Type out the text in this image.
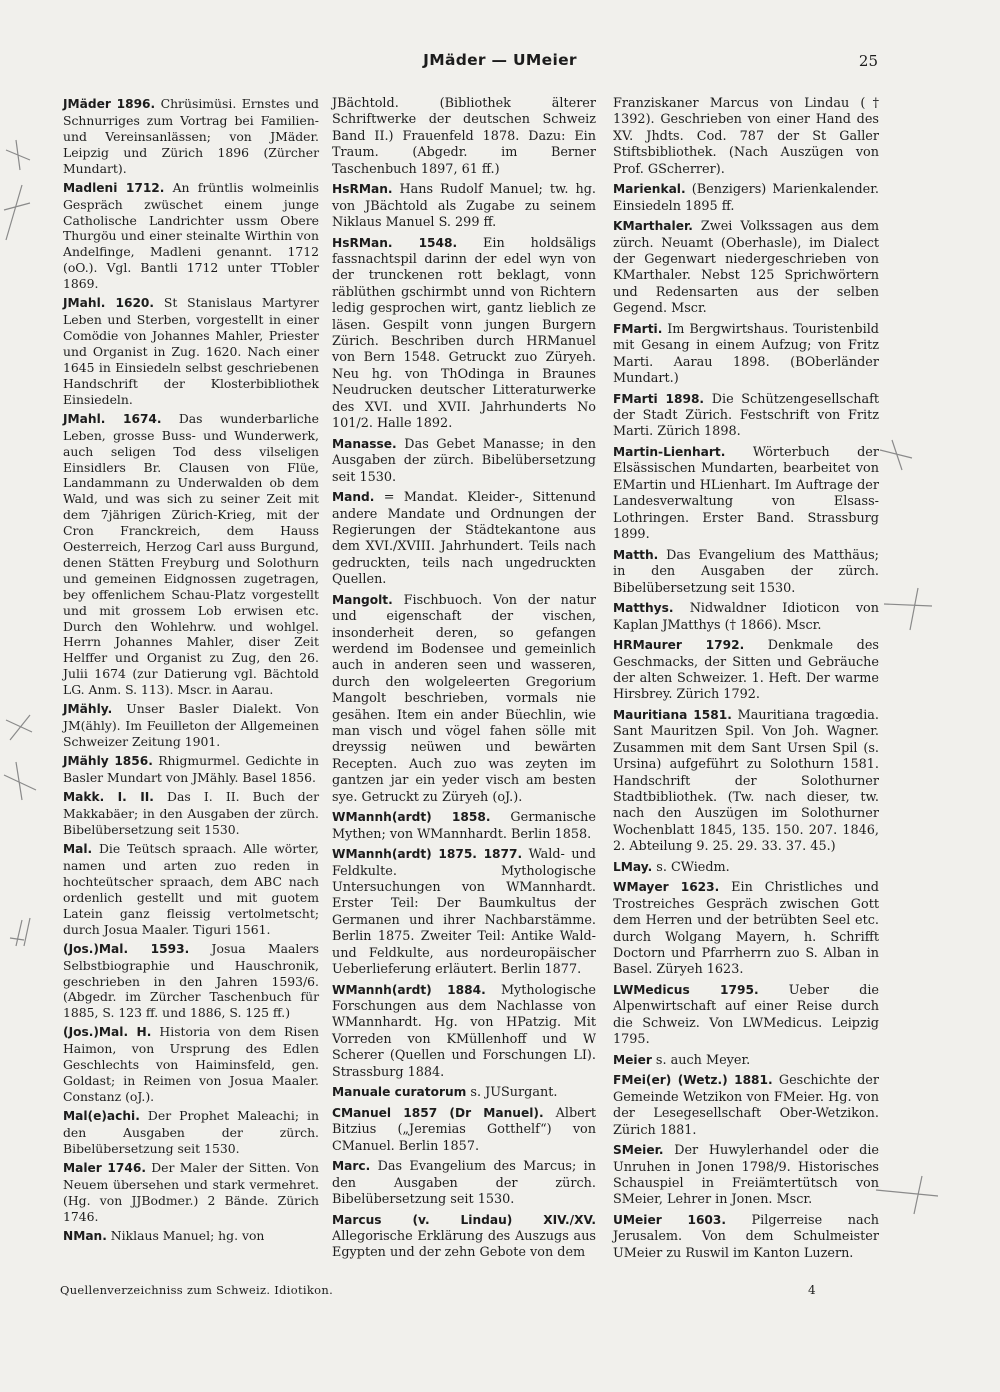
JMäder — UMeier	25
JMäder 1896. Chrüsimüsi. Ernstes und Schnurriges zum Vortrag bei Familien- und Vereinsanlässen; von JMäder. Leipzig und Zürich 1896 (Zürcher Mundart).
Madleni 1712. An früntlis wolmeinlis Gespräch zwüschet einem junge Catholische Landrichter ussm Obere Thurgöu und einer steinalte Wirthin von Andelfinge, Madleni genannt. 1712 (oO.). Vgl. Bantli 1712 unter TTobler 1869.
JMahl. 1620. St Stanislaus Martyrer Leben und Sterben, vorgestellt in einer Comödie von Johannes Mahler, Priester und Organist in Zug. 1620. Nach einer 1645 in Einsiedeln selbst geschriebenen Handschrift der Klosterbibliothek Einsiedeln.
JMahl. 1674. Das wunderbarliche Leben, grosse Buss- und Wunderwerk, auch seligen Tod dess vilseligen Einsidlers Br. Clausen von Flüe, Landammann zu Underwalden ob dem Wald, und was sich zu seiner Zeit mit dem 7jährigen Zürich-Krieg, mit der Cron Franckreich, dem Hauss Oesterreich, Herzog Carl auss Burgund, denen Stätten Freyburg und Solothurn und gemeinen Eidgnossen zugetragen, bey offenlichem Schau-Platz vorgestellt und mit grossem Lob erwisen etc. Durch den Wohlehrw. und wohlgel. Herrn Johannes Mahler, diser Zeit Helffer und Organist zu Zug, den 26. Julii 1674 (zur Datierung vgl. Bächtold LG. Anm. S. 113). Mscr. in Aarau.
JMähly. Unser Basler Dialekt. Von JM(ähly). Im Feuilleton der Allgemeinen Schweizer Zeitung 1901.
JMähly 1856. Rhigmurmel. Gedichte in Basler Mundart von JMähly. Basel 1856.
Makk. I. II. Das I. II. Buch der Makkabäer; in den Ausgaben der zürch. Bibelübersetzung seit 1530.
Mal. Die Teütsch spraach. Alle wörter, namen und arten zuo reden in hochteütscher spraach, dem ABC nach ordenlich gestellt und mit guotem Latein ganz fleissig vertolmetscht; durch Josua Maaler. Tiguri 1561.
(Jos.)Mal. 1593. Josua Maalers Selbstbiographie und Hauschronik, geschrieben in den Jahren 1593/6. (Abgedr. im Zürcher Taschenbuch für 1885, S. 123 ff. und 1886, S. 125 ff.)
(Jos.)Mal. H. Historia von dem Risen Haimon, von Ursprung des Edlen Geschlechts von Haiminsfeld, gen. Goldast; in Reimen von Josua Maaler. Constanz (oJ.).
Mal(e)achi. Der Prophet Maleachi; in den Ausgaben der zürch. Bibelübersetzung seit 1530.
Maler 1746. Der Maler der Sitten. Von Neuem übersehen und stark vermehret. (Hg. von JJBodmer.) 2 Bände. Zürich 1746.
NMan. Niklaus Manuel; hg. von
JBächtold. (Bibliothek älterer Schriftwerke der deutschen Schweiz Band II.) Frauenfeld 1878. Dazu: Ein Traum. (Abgedr. im Berner Taschenbuch 1897, 61 ff.)
HsRMan. Hans Rudolf Manuel; tw. hg. von JBächtold als Zugabe zu seinem Niklaus Manuel S. 299 ff.
HsRMan. 1548. Ein holdsäligs fassnachtspil darinn der edel wyn von der trunckenen rott beklagt, vonn räblüthen gschirmbt unnd von Richtern ledig gesprochen wirt, gantz lieblich ze läsen. Gespilt vonn jungen Burgern Zürich. Beschriben durch HRManuel von Bern 1548. Getruckt zuo Züryeh. Neu hg. von ThOdinga in Braunes Neudrucken deutscher Litteraturwerke des XVI. und XVII. Jahrhunderts No 101/2. Halle 1892.
Manasse. Das Gebet Manasse; in den Ausgaben der zürch. Bibelübersetzung seit 1530.
Mand. = Mandat. Kleider-, Sittenund andere Mandate und Ordnungen der Regierungen der Städtekantone aus dem XVI./XVIII. Jahrhundert. Teils nach gedruckten, teils nach ungedruckten Quellen.
Mangolt. Fischbuoch. Von der natur und eigenschaft der vischen, insonderheit deren, so gefangen werdend im Bodensee und gemeinlich auch in anderen seen und wasseren, durch den wolgeleerten Gregorium Mangolt beschrieben, vormals nie gesähen. Item ein ander Büechlin, wie man visch und vögel fahen sölle mit dreyssig neüwen und bewärten Recepten. Auch zuo was zeyten im gantzen jar ein yeder visch am besten sye. Getruckt zu Züryeh (oJ.).
WMannh(ardt) 1858. Germanische Mythen; von WMannhardt. Berlin 1858.
WMannh(ardt) 1875. 1877. Wald- und Feldkulte. Mythologische Untersuchungen von WMannhardt. Erster Teil: Der Baumkultus der Germanen und ihrer Nachbarstämme. Berlin 1875. Zweiter Teil: Antike Wald- und Feldkulte, aus nordeuropäischer Ueberlieferung erläutert. Berlin 1877.
WMannh(ardt) 1884. Mythologische Forschungen aus dem Nachlasse von WMannhardt. Hg. von HPatzig. Mit Vorreden von KMüllenhoff und W Scherer (Quellen und Forschungen LI). Strassburg 1884.
Manuale curatorum s. JUSurgant.
CManuel 1857 (Dr Manuel). Albert Bitzius („Jeremias Gotthelf“) von CManuel. Berlin 1857.
Marc. Das Evangelium des Marcus; in den Ausgaben der zürch. Bibelübersetzung seit 1530.
Marcus (v. Lindau) XIV./XV. Allegorische Erklärung des Auszugs aus Egypten und der zehn Gebote von dem
Franziskaner Marcus von Lindau († 1392). Geschrieben von einer Hand des XV. Jhdts. Cod. 787 der St Galler Stiftsbibliothek. (Nach Auszügen von Prof. GScherrer).
Marienkal. (Benzigers) Marienkalender. Einsiedeln 1895 ff.
KMarthaler. Zwei Volkssagen aus dem zürch. Neuamt (Oberhasle), im Dialect der Gegenwart niedergeschrieben von KMarthaler. Nebst 125 Sprichwörtern und Redensarten aus der selben Gegend. Mscr.
FMarti. Im Bergwirtshaus. Touristenbild mit Gesang in einem Aufzug; von Fritz Marti. Aarau 1898. (BOberländer Mundart.)
FMarti 1898. Die Schützengesellschaft der Stadt Zürich. Festschrift von Fritz Marti. Zürich 1898.
Martin-Lienhart. Wörterbuch der Elsässischen Mundarten, bearbeitet von EMartin und HLienhart. Im Auftrage der Landesverwaltung von Elsass-Lothringen. Erster Band. Strassburg 1899.
Matth. Das Evangelium des Matthäus; in den Ausgaben der zürch. Bibelübersetzung seit 1530.
Matthys. Nidwaldner Idioticon von Kaplan JMatthys († 1866). Mscr.
HRMaurer 1792. Denkmale des Geschmacks, der Sitten und Gebräuche der alten Schweizer. 1. Heft. Der warme Hirsbrey. Zürich 1792.
Mauritiana 1581. Mauritiana tragœdia. Sant Mauritzen Spil. Von Joh. Wagner. Zusammen mit dem Sant Ursen Spil (s. Ursina) aufgeführt zu Solothurn 1581. Handschrift der Solothurner Stadtbibliothek. (Tw. nach dieser, tw. nach den Auszügen im Solothurner Wochenblatt 1845, 135. 150. 207. 1846, 2. Abteilung 9. 25. 29. 33. 37. 45.)
LMay. s. CWiedm.
WMayer 1623. Ein Christliches und Trostreiches Gespräch zwischen Gott dem Herren und der betrübten Seel etc. durch Wolgang Mayern, h. Schrifft Doctorn und Pfarrherrn zuo S. Alban in Basel. Züryeh 1623.
LWMedicus 1795. Ueber die Alpenwirtschaft auf einer Reise durch die Schweiz. Von LWMedicus. Leipzig 1795.
Meier s. auch Meyer.
FMei(er) (Wetz.) 1881. Geschichte der Gemeinde Wetzikon von FMeier. Hg. von der Lesegesellschaft Ober-Wetzikon. Zürich 1881.
SMeier. Der Huwylerhandel oder die Unruhen in Jonen 1798/9. Historisches Schauspiel in Freiämtertütsch von SMeier, Lehrer in Jonen. Mscr.
UMeier 1603. Pilgerreise nach Jerusalem. Von dem Schulmeister UMeier zu Ruswil im Kanton Luzern.
Quellenverzeichniss zum Schweiz. Idiotikon.	4
